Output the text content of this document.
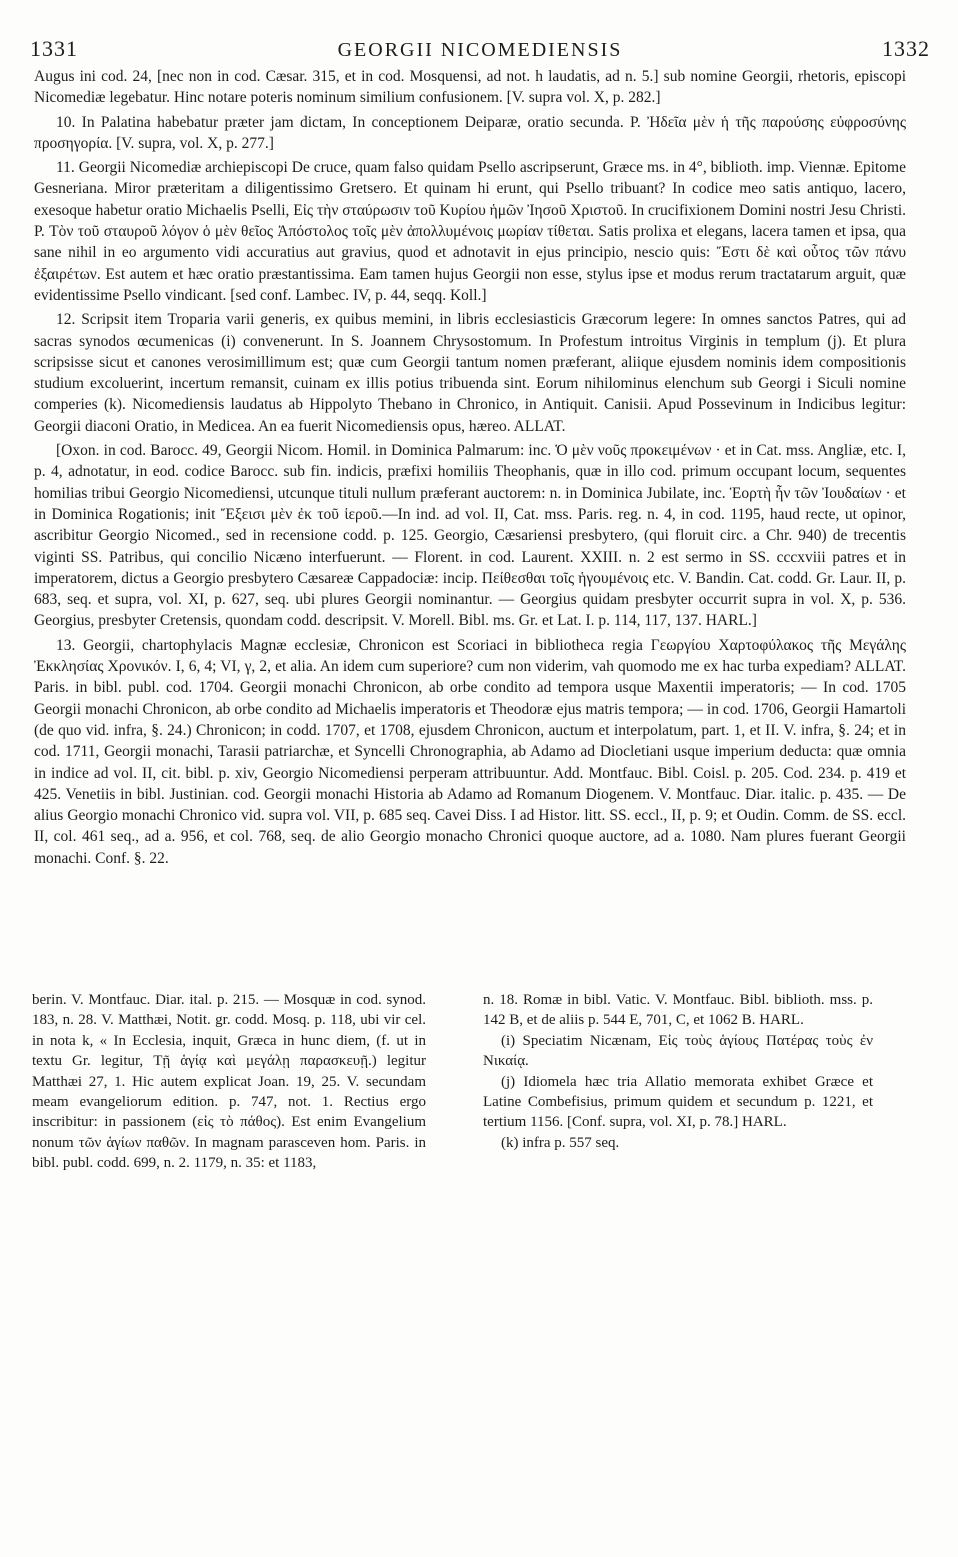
1331	GEORGII NICOMEDIENSIS	1332

Augus ini cod. 24, [nec non in cod. Cæsar. 315, et in cod. Mosquensi, ad not. h laudatis, ad n. 5.] sub nomine Georgii, rhetoris, episcopi Nicomediæ legebatur. Hinc notare poteris nominum similium confusionem. [V. supra vol. X, p. 282.]

10. In Palatina habebatur præter jam dictam, In conceptionem Deiparæ, oratio secunda. P. Ἠδεῖα μὲν ἡ τῆς παρούσης εὐφροσύνης προσηγορία. [V. supra, vol. X, p. 277.]

11. Georgii Nicomediæ archiepiscopi De cruce, quam falso quidam Psello ascripserunt, Græce ms. in 4°, biblioth. imp. Viennæ. Epitome Gesneriana. Miror præteritam a diligentissimo Gretsero. Et quinam hi erunt, qui Psello tribuant? In codice meo satis antiquo, lacero, exesoque habetur oratio Michaelis Pselli, Εἰς τὴν σταύρωσιν τοῦ Κυρίου ἡμῶν Ἰησοῦ Χριστοῦ. In crucifixionem Domini nostri Jesu Christi. P. Τὸν τοῦ σταυροῦ λόγον ὁ μὲν θεῖος Ἀπόστολος τοῖς μὲν ἀπολλυμένοις μωρίαν τίθεται. Satis prolixa et elegans, lacera tamen et ipsa, qua sane nihil in eo argumento vidi accuratius aut gravius, quod et adnotavit in ejus principio, nescio quis: Ἔστι δὲ καὶ οὗτος τῶν πάνυ ἐξαιρέτων. Est autem et hæc oratio præstantissima. Eam tamen hujus Georgii non esse, stylus ipse et modus rerum tractatarum arguit, quæ evidentissime Psello vindicant. [sed conf. Lambec. IV, p. 44, seqq. Koll.]

12. Scripsit item Troparia varii generis, ex quibus memini, in libris ecclesiasticis Græcorum legere: In omnes sanctos Patres, qui ad sacras synodos œcumenicas (i) convenerunt. In S. Joannem Chrysostomum. In Profestum introitus Virginis in templum (j). Et plura scripsisse sicut et canones verosimillimum est; quæ cum Georgii tantum nomen præferant, aliique ejusdem nominis idem compositionis studium excoluerint, incertum remansit, cuinam ex illis potius tribuenda sint. Eorum nihilominus elenchum sub Georgi i Siculi nomine comperies (k). Nicomediensis laudatus ab Hippolyto Thebano in Chronico, in Antiquit. Canisii. Apud Possevinum in Indicibus legitur: Georgii diaconi Oratio, in Medicea. An ea fuerit Nicomediensis opus, hæreo. ALLAT.

[Oxon. in cod. Barocc. 49, Georgii Nicom. Homil. in Dominica Palmarum: inc. Ὁ μὲν νοῦς προκειμένων · et in Cat. mss. Angliæ, etc. I, p. 4, adnotatur, in eod. codice Barocc. sub fin. indicis, præfixi homiliis Theophanis, quæ in illo cod. primum occupant locum, sequentes homilias tribui Georgio Nicomediensi, utcunque tituli nullum præferant auctorem: n. in Dominica Jubilate, inc. Ἑορτὴ ἦν τῶν Ἰουδαίων · et in Dominica Rogationis; init Ἔξεισι μὲν ἐκ τοῦ ἱεροῦ.—In ind. ad vol. II, Cat. mss. Paris. reg. n. 4, in cod. 1195, haud recte, ut opinor, ascribitur Georgio Nicomed., sed in recensione codd. p. 125. Georgio, Cæsariensi presbytero, (qui floruit circ. a Chr. 940) de trecentis viginti SS. Patribus, qui concilio Nicæno interfuerunt. — Florent. in cod. Laurent. XXIII. n. 2 est sermo in SS. cccxviii patres et in imperatorem, dictus a Georgio presbytero Cæsareæ Cappadociæ: incip. Πείθεσθαι τοῖς ἡγουμένοις etc. V. Bandin. Cat. codd. Gr. Laur. II, p. 683, seq. et supra, vol. XI, p. 627, seq. ubi plures Georgii nominantur. — Georgius quidam presbyter occurrit supra in vol. X, p. 536. Georgius, presbyter Cretensis, quondam codd. descripsit. V. Morell. Bibl. ms. Gr. et Lat. I. p. 114, 117, 137. HARL.]

13. Georgii, chartophylacis Magnæ ecclesiæ, Chronicon est Scoriaci in bibliotheca regia Γεωργίου Χαρτοφύλακος τῆς Μεγάλης Ἐκκλησίας Χρονικόν. I, 6, 4; VI, γ, 2, et alia. An idem cum superiore? cum non viderim, vah quomodo me ex hac turba expediam? ALLAT. Paris. in bibl. publ. cod. 1704. Georgii monachi Chronicon, ab orbe condito ad tempora usque Maxentii imperatoris; — In cod. 1705 Georgii monachi Chronicon, ab orbe condito ad Michaelis imperatoris et Theodoræ ejus matris tempora; — in cod. 1706, Georgii Hamartoli (de quo vid. infra, §. 24.) Chronicon; in codd. 1707, et 1708, ejusdem Chronicon, auctum et interpolatum, part. 1, et II. V. infra, §. 24; et in cod. 1711, Georgii monachi, Tarasii patriarchæ, et Syncelli Chronographia, ab Adamo ad Diocletiani usque imperium deducta: quæ omnia in indice ad vol. II, cit. bibl. p. xiv, Georgio Nicomediensi perperam attribuuntur. Add. Montfauc. Bibl. Coisl. p. 205. Cod. 234. p. 419 et 425. Venetiis in bibl. Justinian. cod. Georgii monachi Historia ab Adamo ad Romanum Diogenem. V. Montfauc. Diar. italic. p. 435. — De alius Georgio monachi Chronico vid. supra vol. VII, p. 685 seq. Cavei Diss. I ad Histor. litt. SS. eccl., II, p. 9; et Oudin. Comm. de SS. eccl. II, col. 461 seq., ad a. 956, et col. 768, seq. de alio Georgio monacho Chronici quoque auctore, ad a. 1080. Nam plures fuerant Georgii monachi. Conf. §. 22.

berin. V. Montfauc. Diar. ital. p. 215. — Mosquæ in cod. synod. 183, n. 28. V. Matthæi, Notit. gr. codd. Mosq. p. 118, ubi vir cel. in nota k, « In Ecclesia, inquit, Græca in hunc diem, (f. ut in textu Gr. legitur, Τῇ ἁγίᾳ καὶ μεγάλῃ παρασκευῇ.) legitur Matthæi 27, 1. Hic autem explicat Joan. 19, 25. V. secundam meam evangeliorum edition. p. 747, not. 1. Rectius ergo inscribitur: in passionem (εἰς τὸ πάθος). Est enim Evangelium nonum τῶν ἁγίων παθῶν. In magnam parasceven hom. Paris. in bibl. publ. codd. 699, n. 2. 1179, n. 35: et 1183,

n. 18. Romæ in bibl. Vatic. V. Montfauc. Bibl. biblioth. mss. p. 142 B, et de aliis p. 544 E, 701, C, et 1062 B. HARL.

(i) Speciatim Nicænam, Εἰς τοὺς ἁγίους Πατέρας τοὺς ἐν Νικαίᾳ.

(j) Idiomela hæc tria Allatio memorata exhibet Græce et Latine Combefisius, primum quidem et secundum p. 1221, et tertium 1156. [Conf. supra, vol. XI, p. 78.] HARL.

(k) infra p. 557 seq.
